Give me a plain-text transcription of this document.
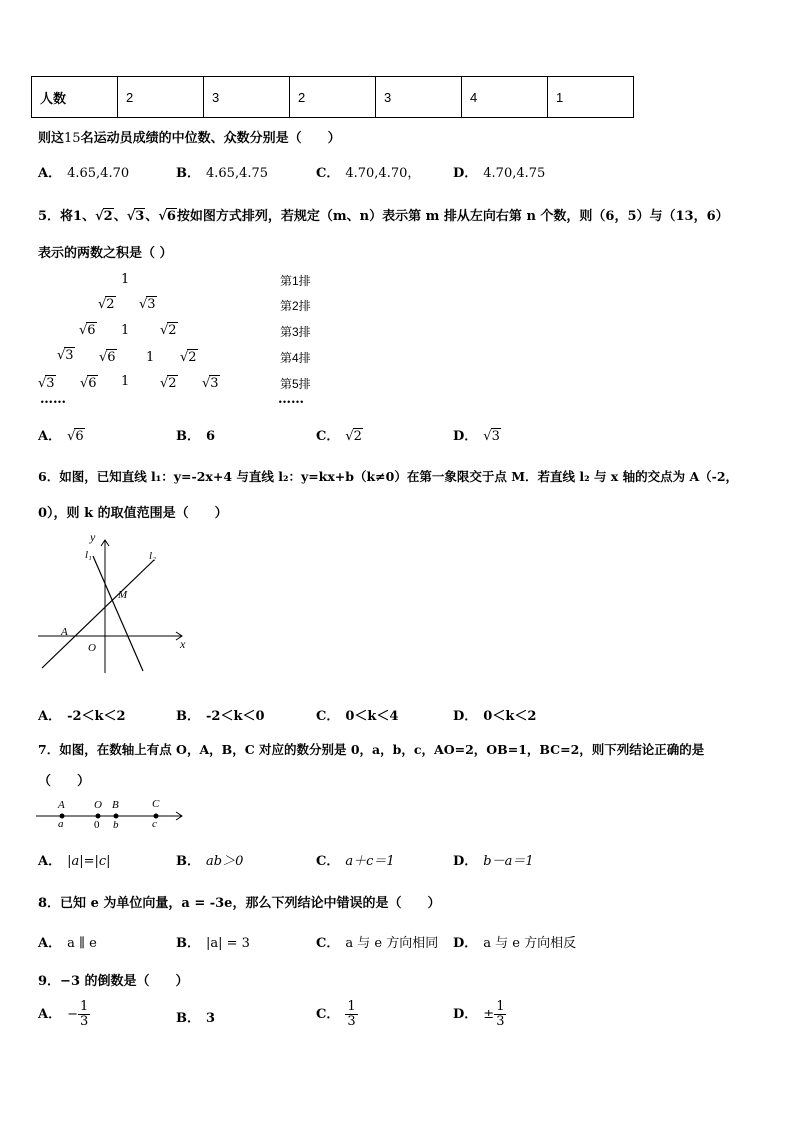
人数	2	3	2	3	4	1
则这15名运动员成绩的中位数、众数分别是（　　）
A． 4.65,4.70	B． 4.65,4.75	C． 4.70,4.70，	D． 4.70,4.75
5．将1、√2、√3、√6按如图方式排列，若规定（m、n）表示第 m 排从左向右第 n 个数，则（6，5）与（13，6）
表示的两数之积是（ ）
1
√2 √3
√6 1 √2
√3 √6 1 √2
√3 √6 1 √2 √3
……
第1排
第2排
第3排
第4排
第5排
……
A． √6	B． 6	C． √2	D． √3
6．如图，已知直线 l₁：y=-2x+4 与直线 l₂：y=kx+b（k≠0）在第一象限交于点 M．若直线 l₂ 与 x 轴的交点为 A（-2，
0），则 k 的取值范围是（　　）
y
x
l₁	l₂
M
A
O
A． -2＜k＜2	B． -2＜k＜0	C． 0＜k＜4	D． 0＜k＜2
7．如图，在数轴上有点 O，A，B，C 对应的数分别是 0，a，b，c，AO=2，OB=1，BC=2，则下列结论正确的是
（　　）
A	O B	C
a	0 b	c
A． |a|=|c|	B． ab＞0	C． a＋c＝1	D． b－a＝1
8．已知 e 为单位向量，a = -3e，那么下列结论中错误的是（　　）
A． a ∥ e	B． |a| = 3	C． a 与 e 方向相同 D． a 与 e 方向相反
9．−3 的倒数是（　　）
A． − $\frac{1}{3}$	B． 3	C． $\frac{1}{3}$	D． ± $\frac{1}{3}$
